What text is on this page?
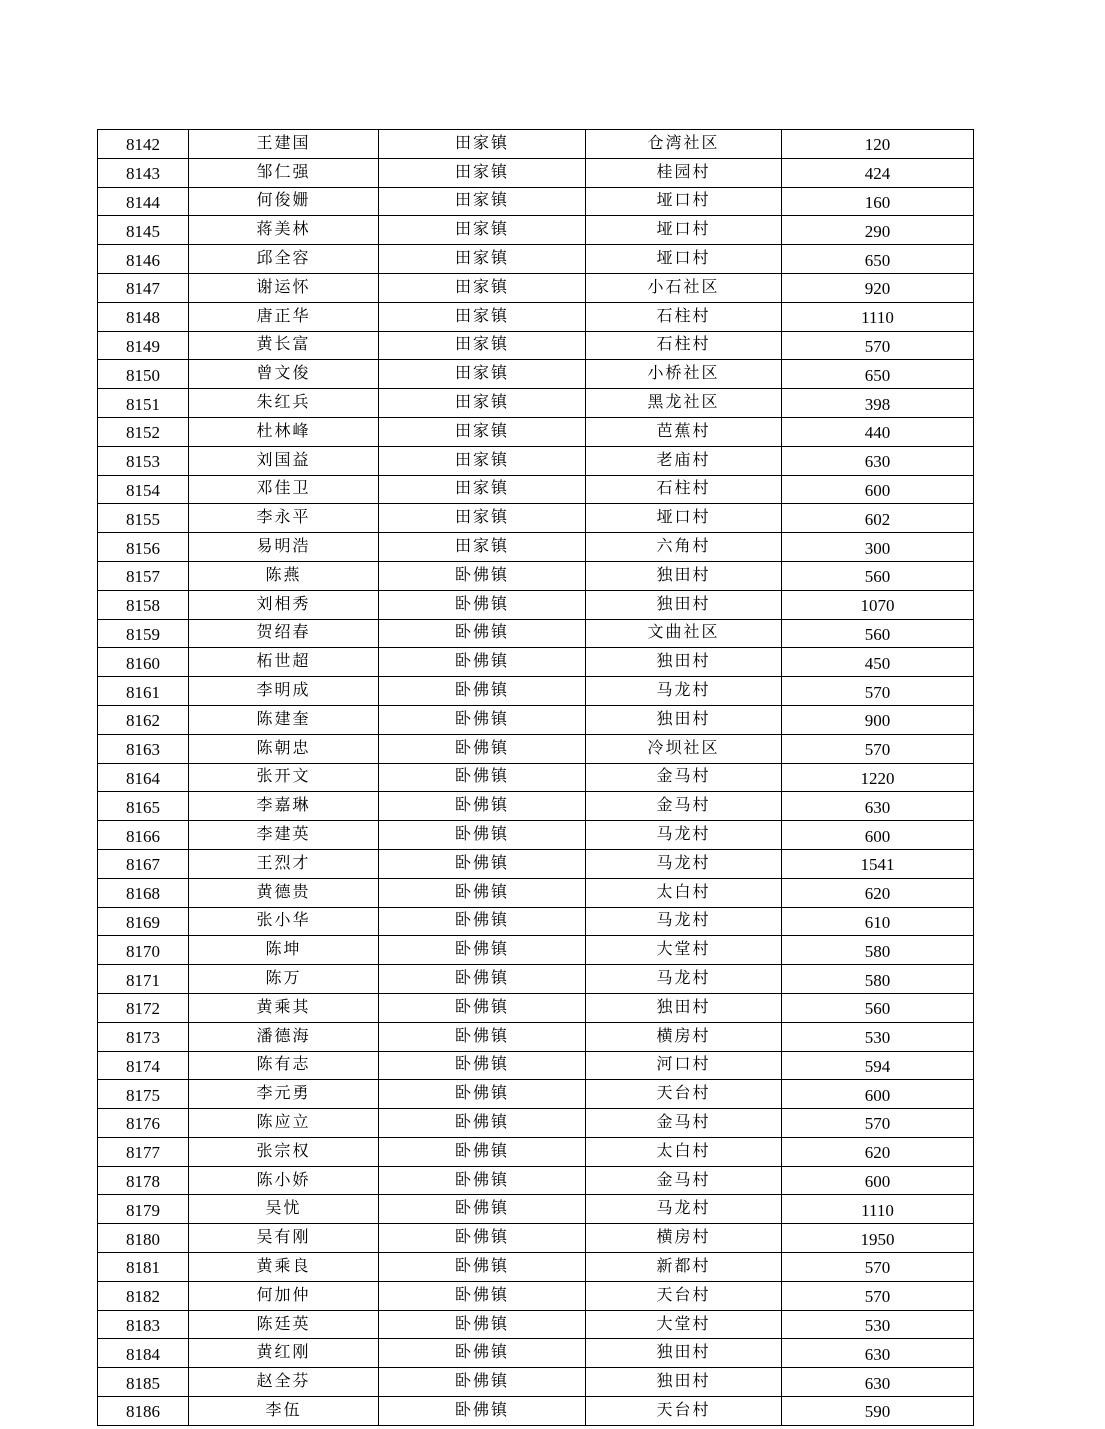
8142	王建国	田家镇	仓湾社区	120
8143	邹仁强	田家镇	桂园村	424
8144	何俊姗	田家镇	垭口村	160
8145	蒋美林	田家镇	垭口村	290
8146	邱全容	田家镇	垭口村	650
8147	谢运怀	田家镇	小石社区	920
8148	唐正华	田家镇	石柱村	1110
8149	黄长富	田家镇	石柱村	570
8150	曾文俊	田家镇	小桥社区	650
8151	朱红兵	田家镇	黑龙社区	398
8152	杜林峰	田家镇	芭蕉村	440
8153	刘国益	田家镇	老庙村	630
8154	邓佳卫	田家镇	石柱村	600
8155	李永平	田家镇	垭口村	602
8156	易明浩	田家镇	六角村	300
8157	陈燕	卧佛镇	独田村	560
8158	刘相秀	卧佛镇	独田村	1070
8159	贺绍春	卧佛镇	文曲社区	560
8160	柘世超	卧佛镇	独田村	450
8161	李明成	卧佛镇	马龙村	570
8162	陈建奎	卧佛镇	独田村	900
8163	陈朝忠	卧佛镇	冷坝社区	570
8164	张开文	卧佛镇	金马村	1220
8165	李嘉琳	卧佛镇	金马村	630
8166	李建英	卧佛镇	马龙村	600
8167	王烈才	卧佛镇	马龙村	1541
8168	黄德贵	卧佛镇	太白村	620
8169	张小华	卧佛镇	马龙村	610
8170	陈坤	卧佛镇	大堂村	580
8171	陈万	卧佛镇	马龙村	580
8172	黄乘其	卧佛镇	独田村	560
8173	潘德海	卧佛镇	横房村	530
8174	陈有志	卧佛镇	河口村	594
8175	李元勇	卧佛镇	天台村	600
8176	陈应立	卧佛镇	金马村	570
8177	张宗权	卧佛镇	太白村	620
8178	陈小娇	卧佛镇	金马村	600
8179	吴忧	卧佛镇	马龙村	1110
8180	吴有刚	卧佛镇	横房村	1950
8181	黄乘良	卧佛镇	新都村	570
8182	何加仲	卧佛镇	天台村	570
8183	陈廷英	卧佛镇	大堂村	530
8184	黄红刚	卧佛镇	独田村	630
8185	赵全芬	卧佛镇	独田村	630
8186	李伍	卧佛镇	天台村	590
